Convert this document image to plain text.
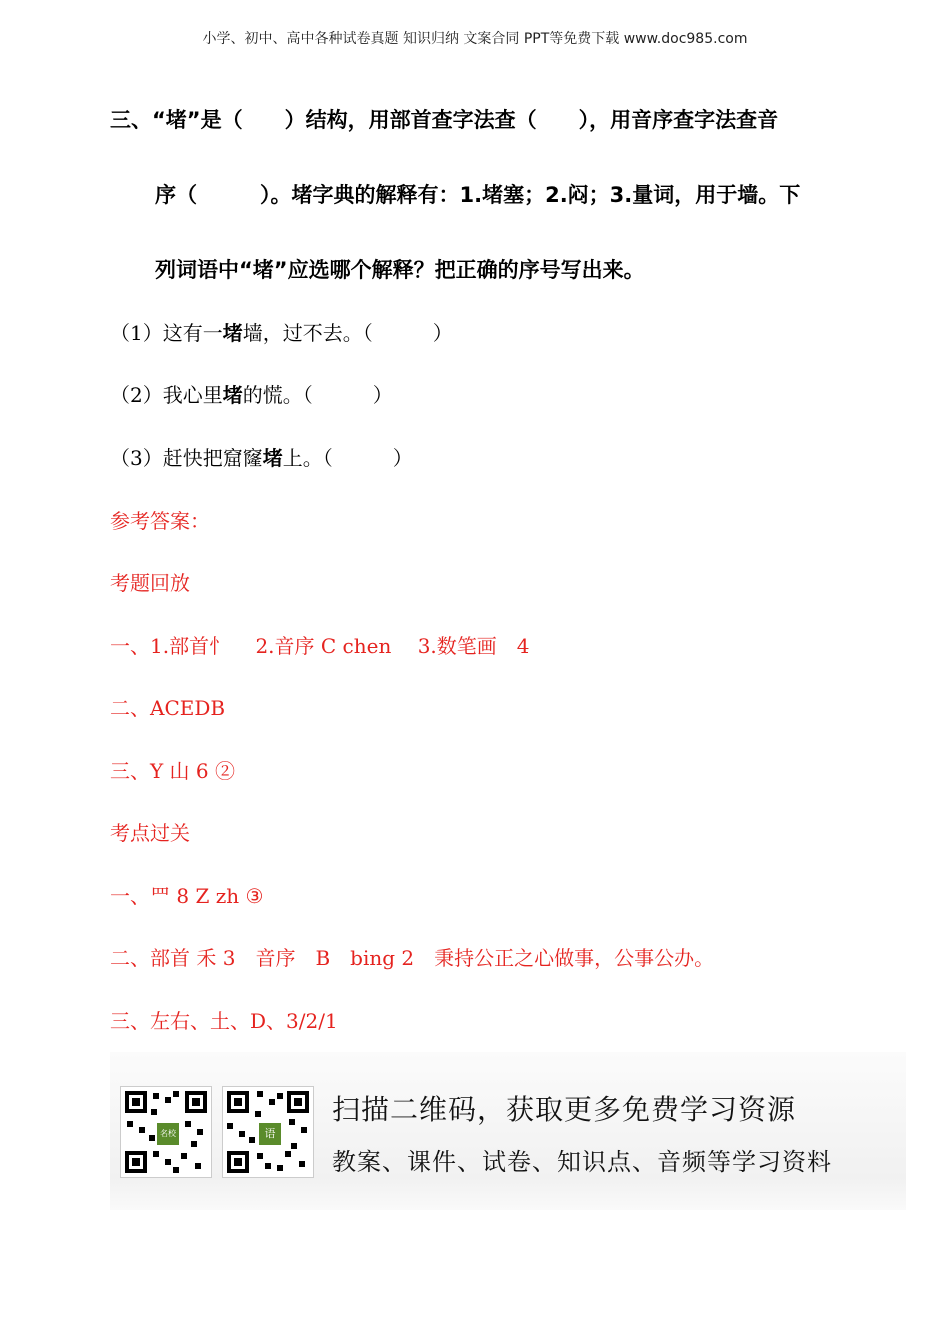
小学、初中、高中各种试卷真题 知识归纳 文案合同 PPT等免费下载 www.doc985.com
三、“堵”是（　　）结构，用部首查字法查（　　），用音序查字法查音
序（　　　）。堵字典的解释有：1.堵塞；2.闷；3.量词，用于墙。下
列词语中“堵”应选哪个解释？把正确的序号写出来。
（1）这有一堵墙，过不去。（　　　）
（2）我心里堵的慌。（　　　）
（3）赶快把窟窿堵上。（　　　）
参考答案：
考题回放
一、1.部首忄　 2.音序 C chen　 3.数笔画　4
二、ACEDB
三、Y 山 6 ②
考点过关
一、罒 8 Z zh ③
二、部首 禾 3　音序　B　bing 2　秉持公正之心做事，公事公办。
三、左右、土、D、3/2/1
名校	语
扫描二维码，获取更多免费学习资源
教案、课件、试卷、知识点、音频等学习资料
